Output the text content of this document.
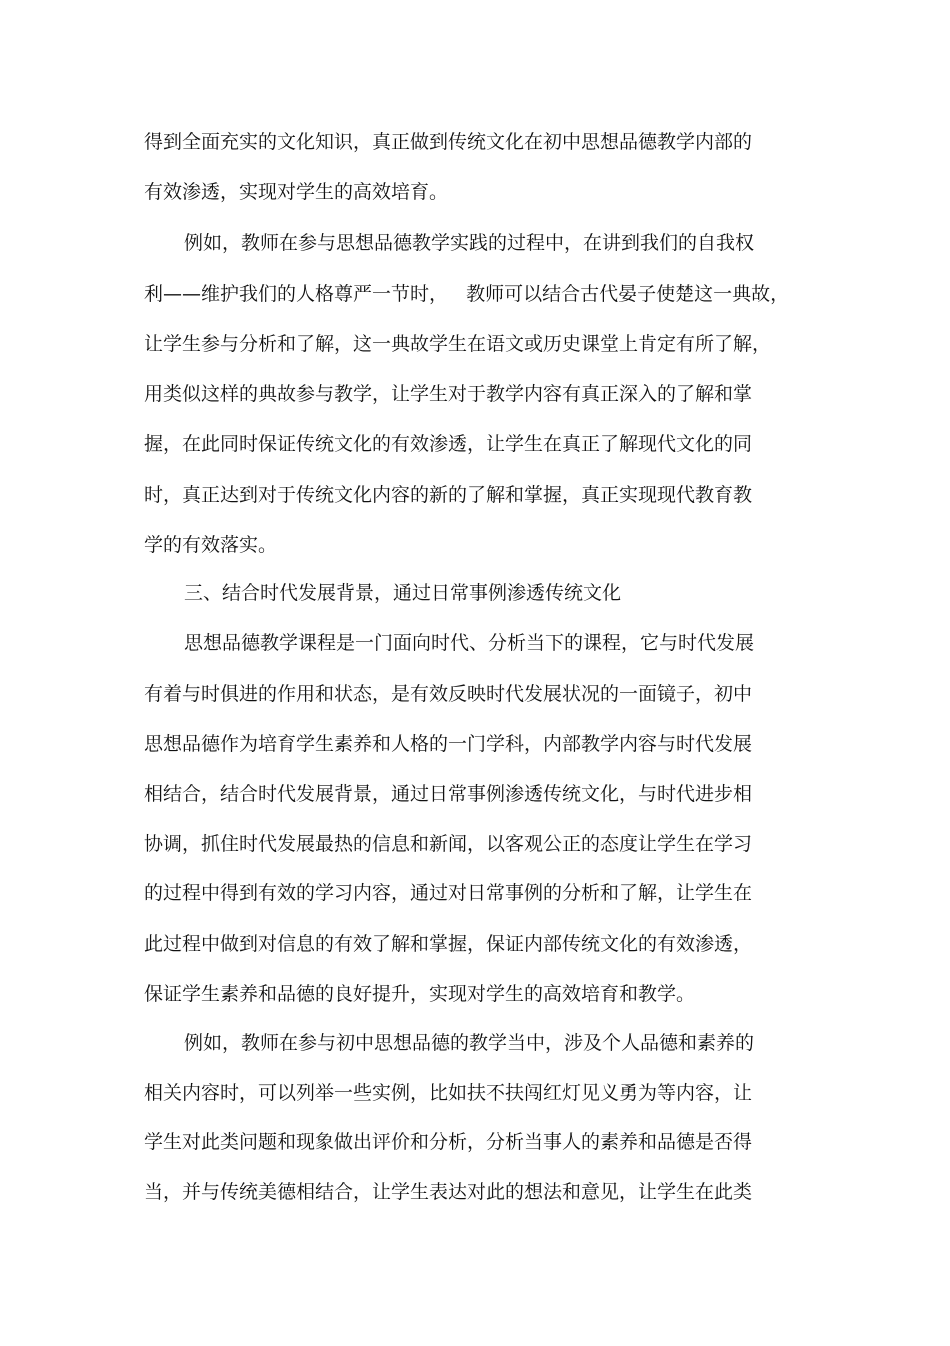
得到全面充实的文化知识，真正做到传统文化在初中思想品德教学内部的

有效渗透，实现对学生的高效培育。

例如，教师在参与思想品德教学实践的过程中，在讲到我们的自我权

利——维护我们的人格尊严一节时，   教师可以结合古代晏子使楚这一典故，

让学生参与分析和了解，这一典故学生在语文或历史课堂上肯定有所了解，

用类似这样的典故参与教学，让学生对于教学内容有真正深入的了解和掌

握，在此同时保证传统文化的有效渗透，让学生在真正了解现代文化的同

时，真正达到对于传统文化内容的新的了解和掌握，真正实现现代教育教

学的有效落实。

三、结合时代发展背景，通过日常事例渗透传统文化

思想品德教学课程是一门面向时代、分析当下的课程，它与时代发展

有着与时俱进的作用和状态，是有效反映时代发展状况的一面镜子，初中

思想品德作为培育学生素养和人格的一门学科，内部教学内容与时代发展

相结合，结合时代发展背景，通过日常事例渗透传统文化，与时代进步相

协调，抓住时代发展最热的信息和新闻，以客观公正的态度让学生在学习

的过程中得到有效的学习内容，通过对日常事例的分析和了解，让学生在

此过程中做到对信息的有效了解和掌握，保证内部传统文化的有效渗透，

保证学生素养和品德的良好提升，实现对学生的高效培育和教学。

例如，教师在参与初中思想品德的教学当中，涉及个人品德和素养的

相关内容时，可以列举一些实例，比如扶不扶闯红灯见义勇为等内容，让

学生对此类问题和现象做出评价和分析，分析当事人的素养和品德是否得

当，并与传统美德相结合，让学生表达对此的想法和意见，让学生在此类
